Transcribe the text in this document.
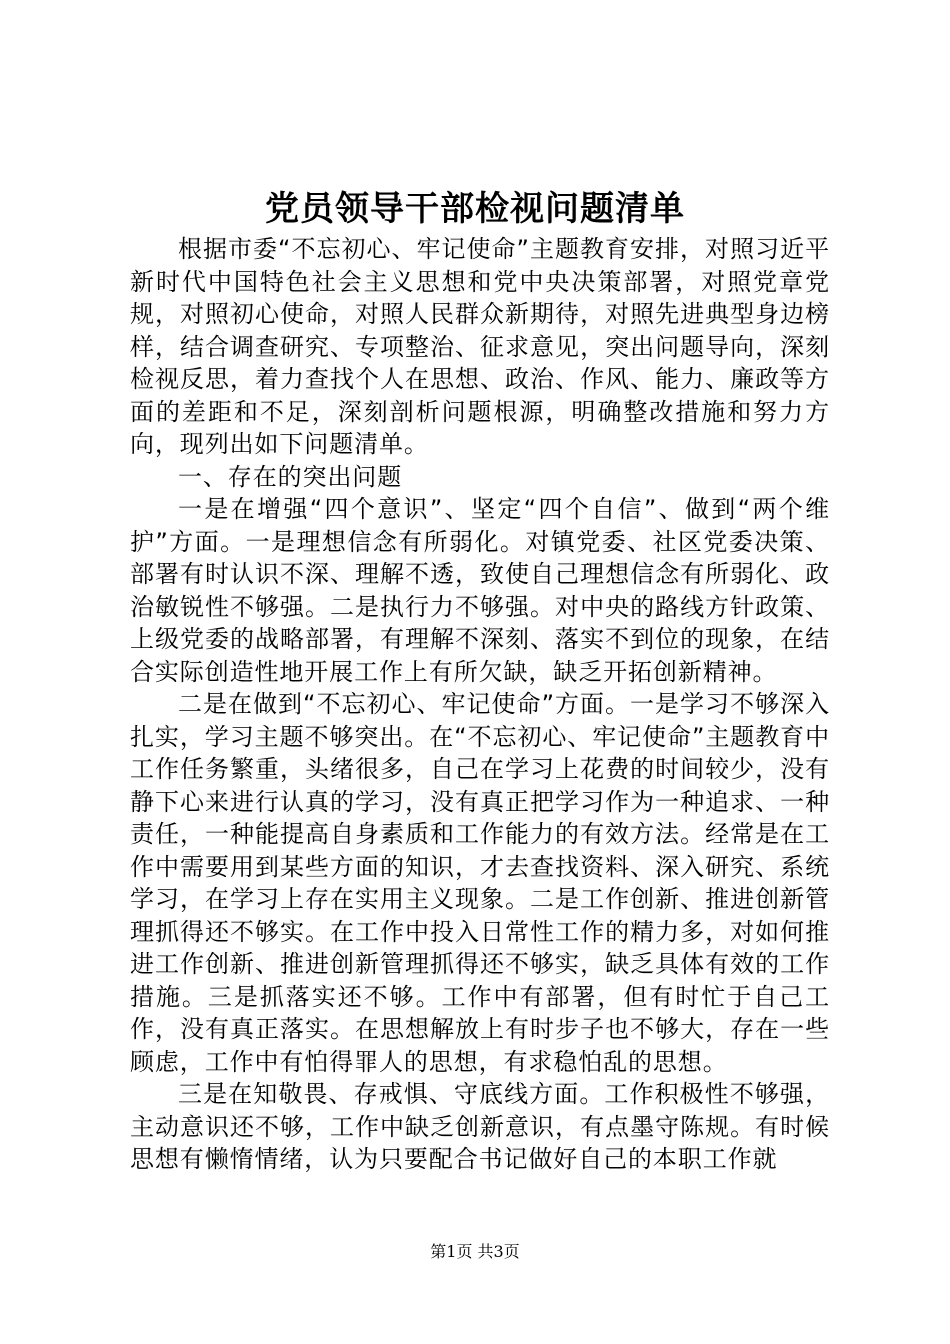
党员领导干部检视问题清单

根据市委“不忘初心、牢记使命”主题教育安排，对照习近平新时代中国特色社会主义思想和党中央决策部署，对照党章党规，对照初心使命，对照人民群众新期待，对照先进典型身边榜样，结合调查研究、专项整治、征求意见，突出问题导向，深刻检视反思，着力查找个人在思想、政治、作风、能力、廉政等方面的差距和不足，深刻剖析问题根源，明确整改措施和努力方向，现列出如下问题清单。

一、存在的突出问题

一是在增强“四个意识”、坚定“四个自信”、做到“两个维护”方面。一是理想信念有所弱化。对镇党委、社区党委决策、部署有时认识不深、理解不透，致使自己理想信念有所弱化、政治敏锐性不够强。二是执行力不够强。对中央的路线方针政策、上级党委的战略部署，有理解不深刻、落实不到位的现象，在结合实际创造性地开展工作上有所欠缺，缺乏开拓创新精神。

二是在做到“不忘初心、牢记使命”方面。一是学习不够深入扎实，学习主题不够突出。在“不忘初心、牢记使命”主题教育中工作任务繁重，头绪很多，自己在学习上花费的时间较少，没有静下心来进行认真的学习，没有真正把学习作为一种追求、一种责任，一种能提高自身素质和工作能力的有效方法。经常是在工作中需要用到某些方面的知识，才去查找资料、深入研究、系统学习，在学习上存在实用主义现象。二是工作创新、推进创新管理抓得还不够实。在工作中投入日常性工作的精力多，对如何推进工作创新、推进创新管理抓得还不够实，缺乏具体有效的工作措施。三是抓落实还不够。工作中有部署，但有时忙于自己工作，没有真正落实。在思想解放上有时步子也不够大，存在一些顾虑，工作中有怕得罪人的思想，有求稳怕乱的思想。

三是在知敬畏、存戒惧、守底线方面。工作积极性不够强，主动意识还不够，工作中缺乏创新意识，有点墨守陈规。有时候思想有懒惰情绪，认为只要配合书记做好自己的本职工作就

第1页 共3页
